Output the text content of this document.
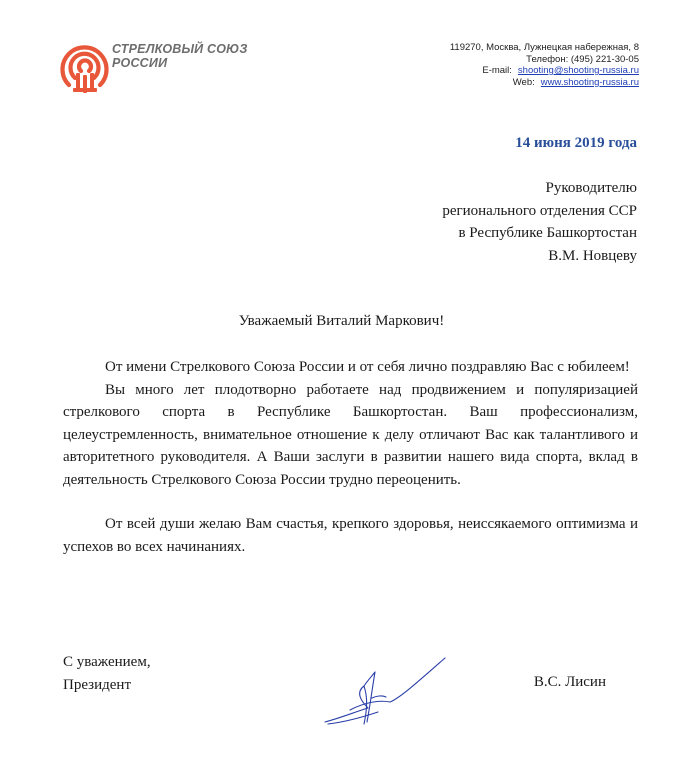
СТРЕЛКОВЫЙ СОЮЗ
РОССИИ
119270, Москва, Лужнецкая набережная, 8
Телефон: (495) 221-30-05
E-mail: shooting@shooting-russia.ru
Web: www.shooting-russia.ru
14 июня 2019 года
Руководителю
регионального отделения ССР
в Республике Башкортостан
В.М. Новцеву
Уважаемый Виталий Маркович!

От имени Стрелкового Союза России и от себя лично поздравляю Вас с юбилеем!

Вы много лет плодотворно работаете над продвижением и популяризацией стрелкового спорта в Республике Башкортостан. Ваш профессионализм, целеустремленность, внимательное отношение к делу отличают Вас как талантливого и авторитетного руководителя. А Ваши заслуги в развитии нашего вида спорта, вклад в деятельность Стрелкового Союза России трудно переоценить.

От всей души желаю Вам счастья, крепкого здоровья, неиссякаемого оптимизма и успехов во всех начинаниях.

С уважением,
Президент	В.С. Лисин
